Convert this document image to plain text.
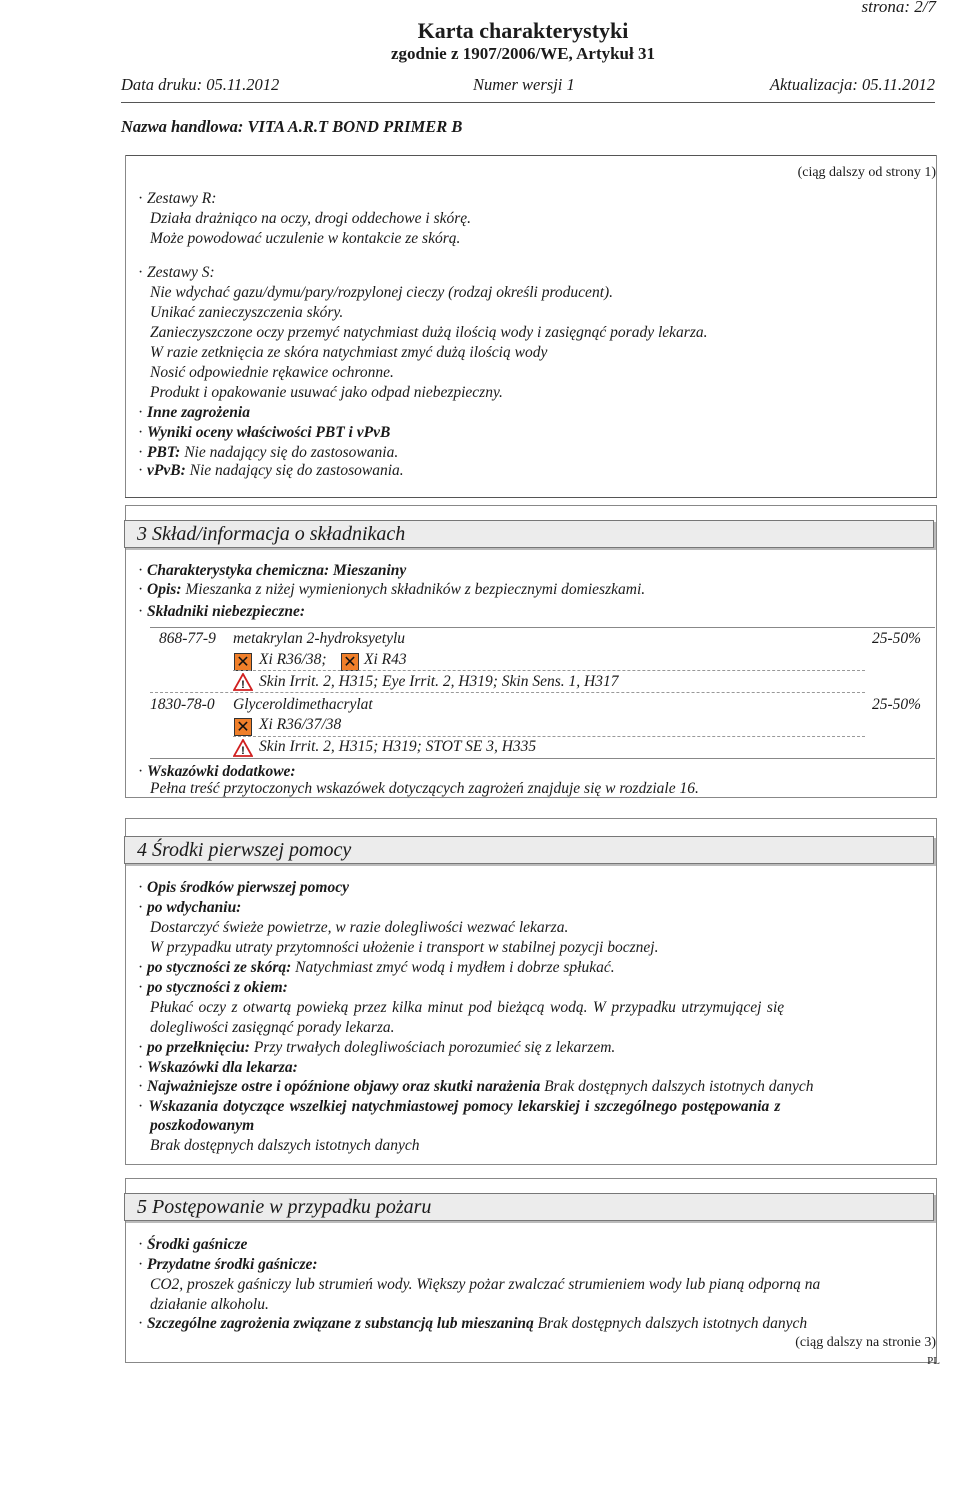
strona: 2/7
Karta charakterystyki
zgodnie z 1907/2006/WE, Artykuł 31
Data druku: 05.11.2012	Numer wersji 1	Aktualizacja: 05.11.2012
Nazwa handlowa: VITA A.R.T BOND PRIMER B
(ciąg dalszy od strony 1)
· Zestawy R:
Działa drażniąco na oczy, drogi oddechowe i skórę.
Może powodować uczulenie w kontakcie ze skórą.
· Zestawy S:
Nie wdychać gazu/dymu/pary/rozpylonej cieczy (rodzaj określi producent).
Unikać zanieczyszczenia skóry.
Zanieczyszczone oczy przemyć natychmiast dużą ilością wody i zasięgnąć porady lekarza.
W razie zetknięcia ze skóra natychmiast zmyć dużą ilością wody
Nosić odpowiednie rękawice ochronne.
Produkt i opakowanie usuwać jako odpad niebezpieczny.
· Inne zagrożenia
· Wyniki oceny właściwości PBT i vPvB
· PBT: Nie nadający się do zastosowania.
· vPvB: Nie nadający się do zastosowania.
3 Skład/informacja o składnikach
· Charakterystyka chemiczna: Mieszaniny
· Opis: Mieszanka z niżej wymienionych składników z bezpiecznymi domieszkami.
· Składniki niebezpieczne:
868-77-9 metakrylan 2-hydroksyetylu	25-50%
✕ Xi R36/38; ✕ Xi R43
! Skin Irrit. 2, H315; Eye Irrit. 2, H319; Skin Sens. 1, H317
1830-78-0 Glyceroldimethacrylat	25-50%
✕ Xi R36/37/38
! Skin Irrit. 2, H315; H319; STOT SE 3, H335
· Wskazówki dodatkowe:
Pełna treść przytoczonych wskazówek dotyczących zagrożeń znajduje się w rozdziale 16.
4 Środki pierwszej pomocy
· Opis środków pierwszej pomocy
· po wdychaniu:
Dostarczyć świeże powietrze, w razie dolegliwości wezwać lekarza.
W przypadku utraty przytomności ułożenie i transport w stabilnej pozycji bocznej.
· po styczności ze skórą: Natychmiast zmyć wodą i mydłem i dobrze spłukać.
· po styczności z okiem:
Płukać oczy z otwartą powieką przez kilka minut pod bieżącą wodą. W przypadku utrzymującej się
dolegliwości zasięgnąć porady lekarza.
· po przełknięciu: Przy trwałych dolegliwościach porozumieć się z lekarzem.
· Wskazówki dla lekarza:
· Najważniejsze ostre i opóźnione objawy oraz skutki narażenia Brak dostępnych dalszych istotnych danych
· Wskazania dotyczące wszelkiej natychmiastowej pomocy lekarskiej i szczególnego postępowania z
poszkodowanym
Brak dostępnych dalszych istotnych danych
5 Postępowanie w przypadku pożaru
· Środki gaśnicze
· Przydatne środki gaśnicze:
CO2, proszek gaśniczy lub strumień wody. Większy pożar zwalczać strumieniem wody lub pianą odporną na
działanie alkoholu.
· Szczególne zagrożenia związane z substancją lub mieszaniną Brak dostępnych dalszych istotnych danych
(ciąg dalszy na stronie 3)
PL
